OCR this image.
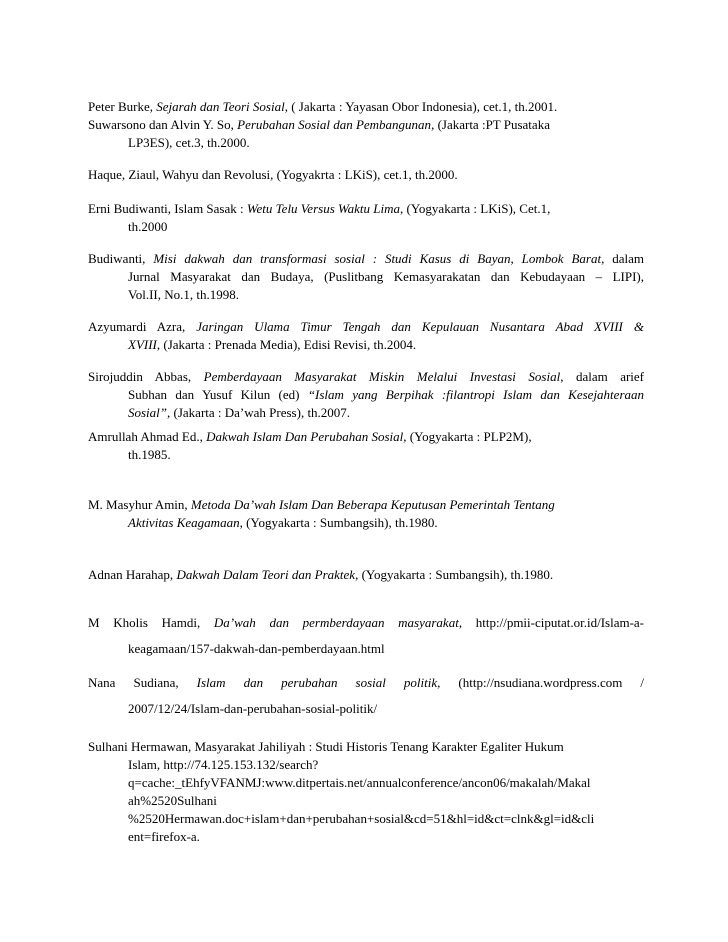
Peter Burke, Sejarah dan Teori Sosial, ( Jakarta : Yayasan Obor Indonesia), cet.1, th.2001.
Suwarsono dan Alvin Y. So, Perubahan Sosial dan Pembangunan, (Jakarta :PT Pusataka
LP3ES), cet.3, th.2000.
Haque, Ziaul, Wahyu dan Revolusi, (Yogyakrta : LKiS), cet.1, th.2000.
Erni Budiwanti, Islam Sasak : Wetu Telu Versus Waktu Lima, (Yogyakarta : LKiS), Cet.1,
th.2000
Budiwanti, Misi dakwah dan transformasi sosial : Studi Kasus di Bayan, Lombok Barat, dalam
Jurnal Masyarakat dan Budaya, (Puslitbang Kemasyarakatan dan Kebudayaan – LIPI),
Vol.II, No.1, th.1998.
Azyumardi Azra, Jaringan Ulama Timur Tengah dan Kepulauan Nusantara Abad XVIII &
XVIII, (Jakarta : Prenada Media), Edisi Revisi, th.2004.
Sirojuddin Abbas, Pemberdayaan Masyarakat Miskin Melalui Investasi Sosial, dalam arief
Subhan dan Yusuf Kilun (ed) “Islam yang Berpihak :filantropi Islam dan Kesejahteraan
Sosial”, (Jakarta : Da’wah Press), th.2007.
Amrullah Ahmad Ed., Dakwah Islam Dan Perubahan Sosial, (Yogyakarta : PLP2M),
th.1985.
M. Masyhur Amin, Metoda Da’wah Islam Dan Beberapa Keputusan Pemerintah Tentang
Aktivitas Keagamaan, (Yogyakarta : Sumbangsih), th.1980.
Adnan Harahap, Dakwah Dalam Teori dan Praktek, (Yogyakarta : Sumbangsih), th.1980.
M Kholis Hamdi, Da’wah dan permberdayaan masyarakat, http://pmii-ciputat.or.id/Islam-a-
keagamaan/157-dakwah-dan-pemberdayaan.html
Nana Sudiana, Islam dan perubahan sosial politik, (http://nsudiana.wordpress.com /
2007/12/24/Islam-dan-perubahan-sosial-politik/
Sulhani Hermawan, Masyarakat Jahiliyah : Studi Historis Tenang Karakter Egaliter Hukum
Islam, http://74.125.153.132/search?
q=cache:_tEhfyVFANMJ:www.ditpertais.net/annualconference/ancon06/makalah/Makal
ah%2520Sulhani
%2520Hermawan.doc+islam+dan+perubahan+sosial&cd=51&hl=id&ct=clnk&gl=id&cli
ent=firefox-a.
